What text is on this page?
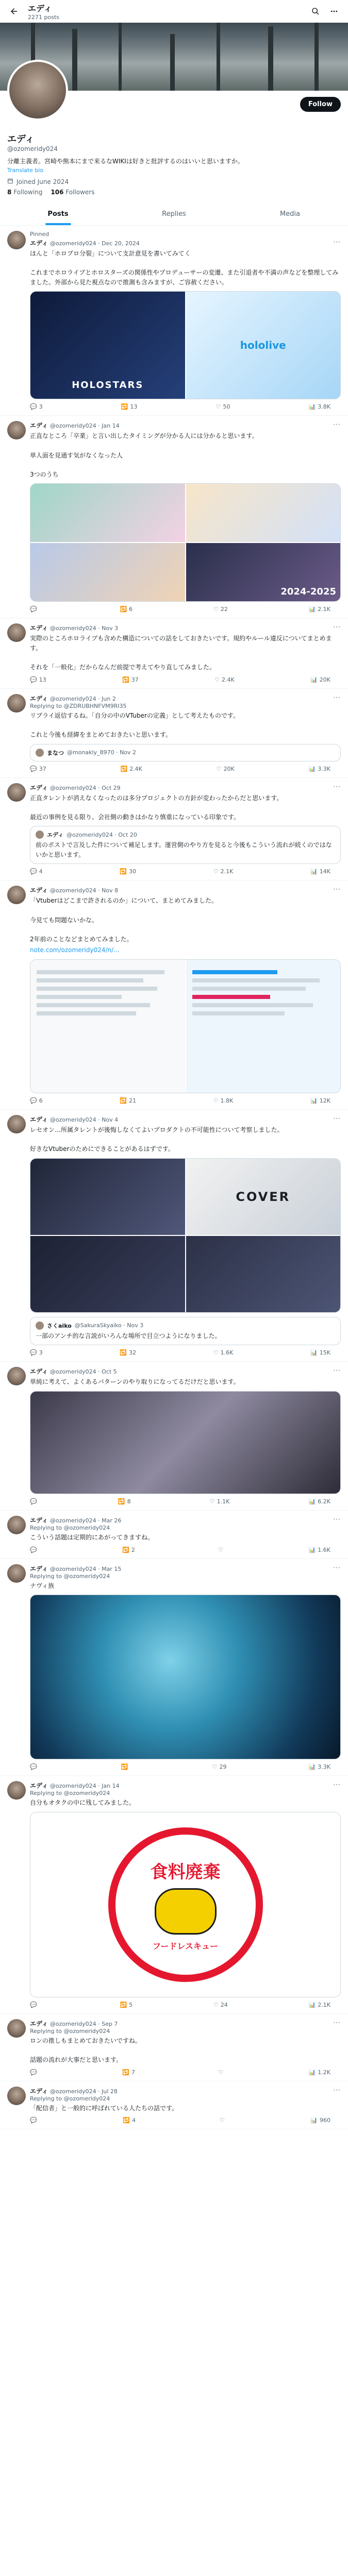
エディ
2271 posts
Follow
エディ
@ozomeridy024
分離主義者。宮崎や熊本にまで来るなWIKIは好きと批評するのはいいと思いますか。
Translate bio
Joined June 2024
8 Following 106 Followers
Posts	Replies	Media
Pinned
エディ @ozomeridy024 · Dec 20, 2024	···
ほんと「ホロプロ分裂」について支計意見を書いてみてく

これまでホロライブとホロスターズの関係性やプロデューサーの変遷、また引退者や不満の声などを整理してみました。外部から見た視点なので推測も含みますが、ご容赦ください。
HOLOSTARS
hololive
💬 3	🔁 13	♡ 50	📊 3.8K
エディ @ozomeridy024 · Jan 14	···
正直なところ「卒業」と言い出したタイミングが分かる人には分かると思います。

単人面を見通す気がなくなった人

3つのうち
2024-2025
💬	🔁 6	♡ 22	📊 2.1K
エディ @ozomeridy024 · Nov 3	···
実際のところホロライブも含めた構造についての話をしておきたいです。規約やルール違反についてまとめます。

それを「一般化」だからなんだ前提で考えてやり直してみました。
💬 13	🔁 37	♡ 2.4K	📊 20K
エディ @ozomeridy024 · Jun 2	···
Replying to @ZDRUBHNFVM9RI35
リプライ返信するね。「自分の中のVTuberの定義」として考えたものです。

これと今後も経緯をまとめておきたいと思います。
まなつ @monakly_8970 · Nov 2
💬 37	🔁 2.4K	♡ 20K	📊 3.3K
エディ @ozomeridy024 · Oct 29	···
正直タレントが消えなくなったのは多分プロジェクトの方針が変わったからだと思います。

最近の事例を見る限り、会社側の動きはかなり慎重になっている印象です。
エディ @ozomeridy024 · Oct 20
前のポストで言及した件について補足します。運営側のやり方を見ると今後もこういう流れが続くのではないかと思います。
💬 4	🔁 30	♡ 2.1K	📊 14K
エディ @ozomeridy024 · Nov 8	···
「Vtuberはどこまで許されるのか」について、まとめてみました。

今見ても問題ないかな。

2年前のことなどまとめてみました。
note.com/ozomeridy024/n/...
💬 6	🔁 21	♡ 1.8K	📊 12K
エディ @ozomeridy024 · Nov 4	···
レセオン…所属タレントが後悔しなくてよいプロダクトの不可能性について考察しました。

好きなVtuberのためにできることがあるはずです。
COVER
さくaiko @SakuraSkyaiko · Nov 3
一部のアンチ的な言説がいろんな場所で目立つようになりました。
💬 3	🔁 32	♡ 1.6K	📊 15K
エディ @ozomeridy024 · Oct 5	···
単純に考えて、よくあるパターンのやり取りになってるだけだと思います。
💬	🔁 8	♡ 1.1K	📊 6.2K
エディ @ozomeridy024 · Mar 26	···
Replying to @ozomeridy024
こういう話題は定期的にあがってきますね。
💬	🔁 2	♡	📊 1.6K
エディ @ozomeridy024 · Mar 15	···
Replying to @ozomeridy024
ナヴィ族
💬	🔁	♡ 29	📊 3.3K
エディ @ozomeridy024 · Jan 14	···
Replying to @ozomeridy024
自分もオタクの中に残してみました。
食料廃棄
フードレスキュー
💬	🔁 5	♡ 24	📊 2.1K
エディ @ozomeridy024 · Sep 7	···
Replying to @ozomeridy024
ロンの推しもまとめておきたいですね。

話題の流れが大事だと思います。
💬	🔁 7	♡	📊 1.2K
エディ @ozomeridy024 · Jul 28	···
Replying to @ozomeridy024
「配信者」と一般的に呼ばれている人たちの話です。
💬	🔁 4	♡	📊 960
